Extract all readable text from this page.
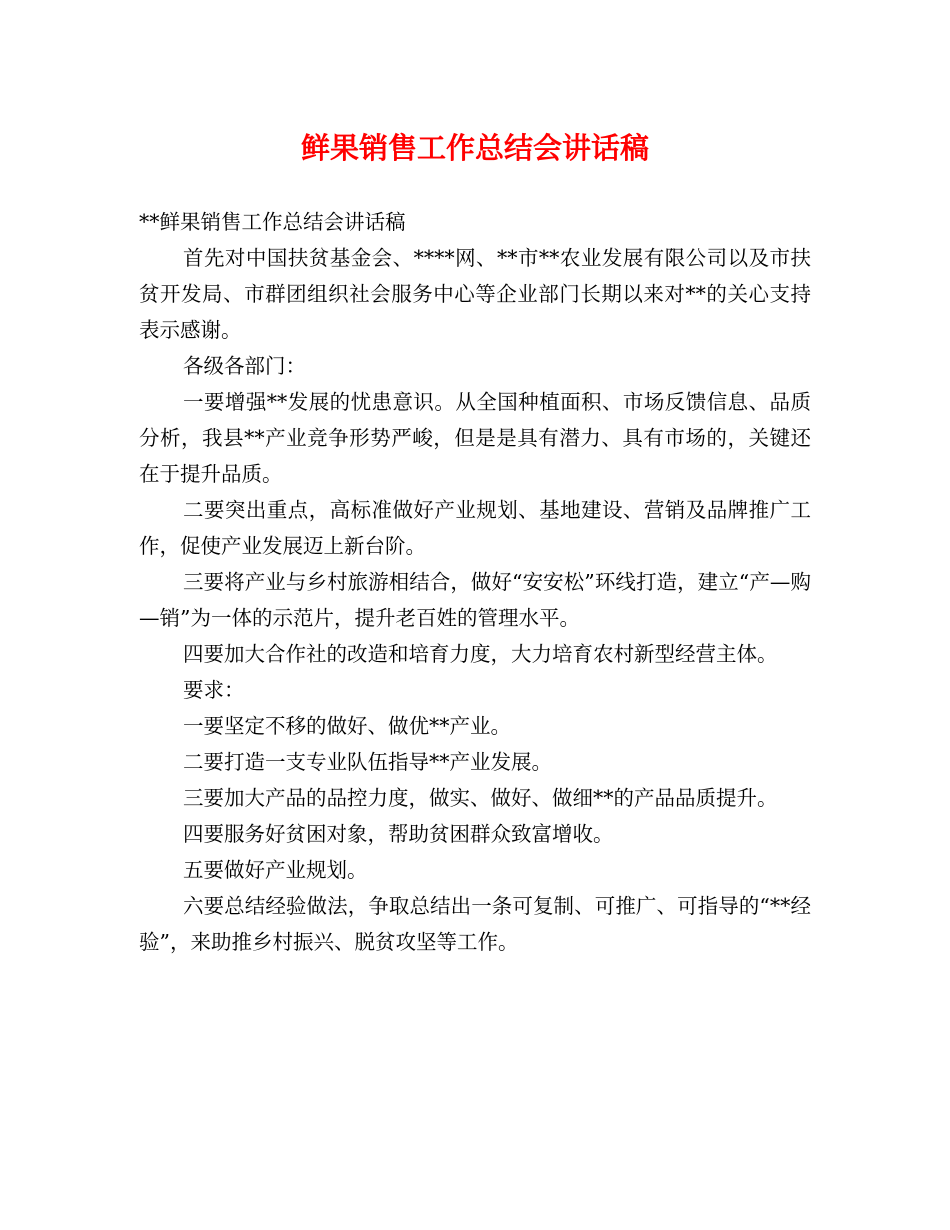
鲜果销售工作总结会讲话稿

**鲜果销售工作总结会讲话稿

首先对中国扶贫基金会、****网、**市**农业发展有限公司以及市扶贫开发局、市群团组织社会服务中心等企业部门长期以来对**的关心支持表示感谢。

各级各部门：

一要增强**发展的忧患意识。从全国种植面积、市场反馈信息、品质分析，我县**产业竞争形势严峻，但是是具有潜力、具有市场的，关键还在于提升品质。

二要突出重点，高标准做好产业规划、基地建设、营销及品牌推广工作，促使产业发展迈上新台阶。

三要将产业与乡村旅游相结合，做好“安安松”环线打造，建立“产—购—销”为一体的示范片，提升老百姓的管理水平。

四要加大合作社的改造和培育力度，大力培育农村新型经营主体。

要求：

一要坚定不移的做好、做优**产业。

二要打造一支专业队伍指导**产业发展。

三要加大产品的品控力度，做实、做好、做细**的产品品质提升。

四要服务好贫困对象，帮助贫困群众致富增收。

五要做好产业规划。

六要总结经验做法，争取总结出一条可复制、可推广、可指导的“**经验”，来助推乡村振兴、脱贫攻坚等工作。
